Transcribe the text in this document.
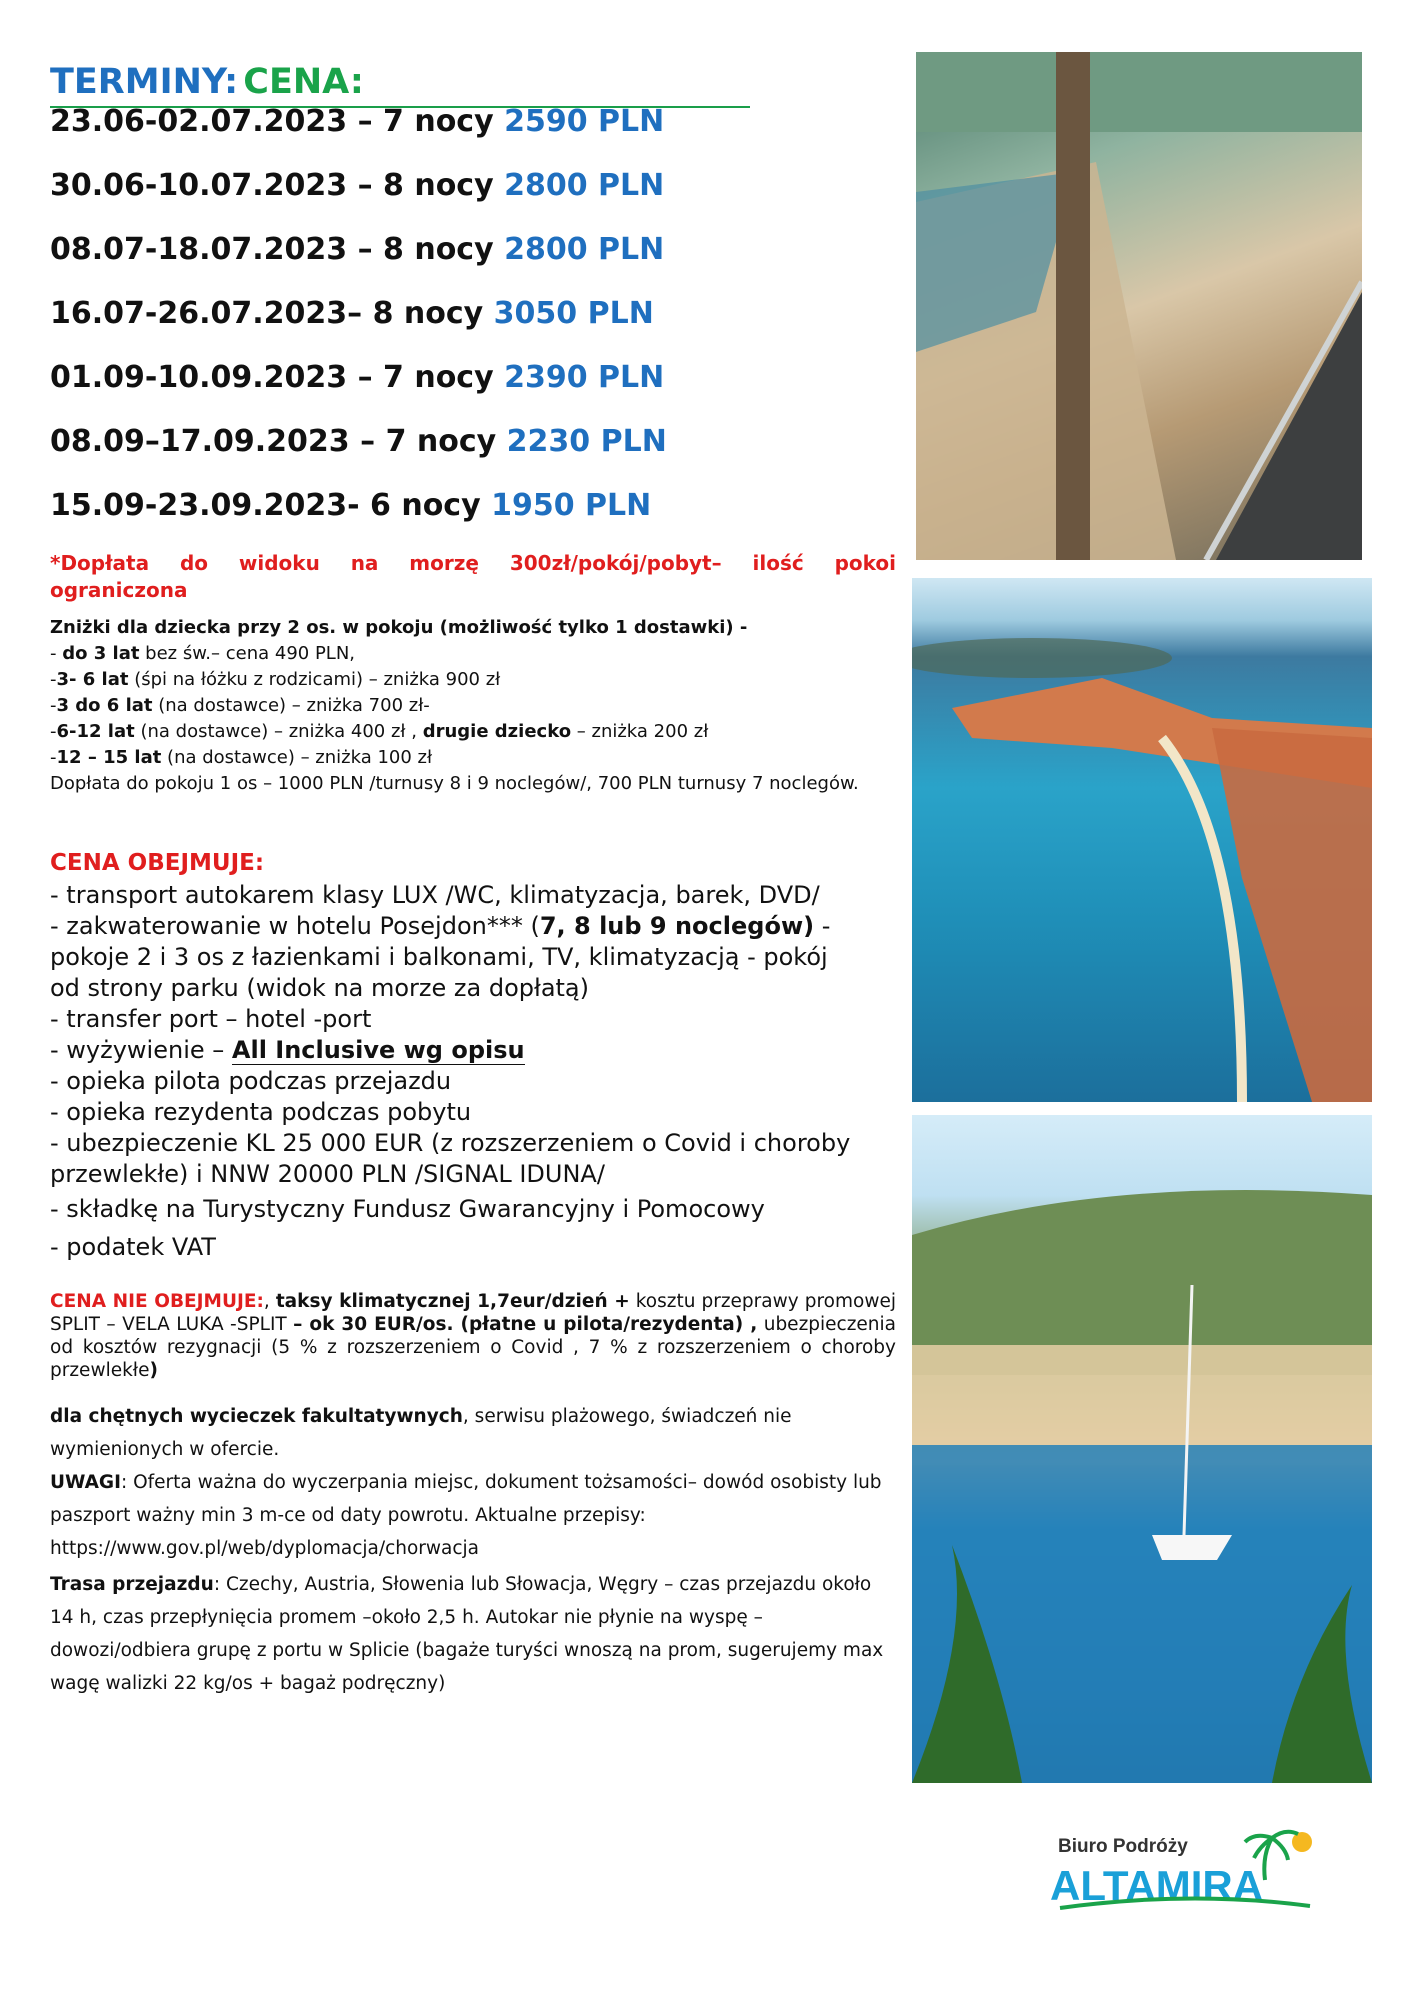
TERMINY: CENA:
23.06-02.07.2023 – 7 nocy 2590 PLN
30.06-10.07.2023 – 8 nocy 2800 PLN
08.07-18.07.2023 – 8 nocy 2800 PLN
16.07-26.07.2023– 8 nocy 3050 PLN
01.09-10.09.2023 – 7 nocy 2390 PLN
08.09–17.09.2023 – 7 nocy 2230 PLN
15.09-23.09.2023- 6 nocy 1950 PLN
*Dopłata do widoku na morzę 300zł/pokój/pobyt– ilość pokoi ograniczona
Zniżki dla dziecka przy 2 os. w pokoju (możliwość tylko 1 dostawki) -
- do 3 lat bez św.– cena 490 PLN,
-3- 6 lat (śpi na łóżku z rodzicami) – zniżka 900 zł
-3 do 6 lat (na dostawce) – zniżka 700 zł-
-6-12 lat (na dostawce) – zniżka 400 zł , drugie dziecko – zniżka 200 zł
-12 – 15 lat (na dostawce) – zniżka 100 zł
Dopłata do pokoju 1 os – 1000 PLN /turnusy 8 i 9 noclegów/, 700 PLN turnusy 7 noclegów.
CENA OBEJMUJE:
- transport autokarem klasy LUX /WC, klimatyzacja, barek, DVD/
- zakwaterowanie w hotelu Posejdon*** (7, 8 lub 9 noclegów) -
pokoje 2 i 3 os z łazienkami i balkonami, TV, klimatyzacją - pokój
od strony parku (widok na morze za dopłatą)
- transfer port – hotel -port
- wyżywienie – All Inclusive wg opisu
- opieka pilota podczas przejazdu
- opieka rezydenta podczas pobytu
- ubezpieczenie KL 25 000 EUR (z rozszerzeniem o Covid i choroby przewlekłe) i NNW 20000 PLN /SIGNAL IDUNA/
- składkę na Turystyczny Fundusz Gwarancyjny i Pomocowy
- podatek VAT
CENA NIE OBEJMUJE:, taksy klimatycznej 1,7eur/dzień + kosztu przeprawy promowej SPLIT – VELA LUKA -SPLIT – ok 30 EUR/os. (płatne u pilota/rezydenta) , ubezpieczenia od kosztów rezygnacji (5 % z rozszerzeniem o Covid , 7 % z rozszerzeniem o choroby przewlekłe)
dla chętnych wycieczek fakultatywnych, serwisu plażowego, świadczeń nie wymienionych w ofercie.
UWAGI: Oferta ważna do wyczerpania miejsc, dokument tożsamości– dowód osobisty lub paszport ważny min 3 m-ce od daty powrotu. Aktualne przepisy: https://www.gov.pl/web/dyplomacja/chorwacja
Trasa przejazdu: Czechy, Austria, Słowenia lub Słowacja, Węgry – czas przejazdu około 14 h, czas przepłynięcia promem –około 2,5 h. Autokar nie płynie na wyspę – dowozi/odbiera grupę z portu w Splicie (bagaże turyści wnoszą na prom, sugerujemy max wagę walizki 22 kg/os + bagaż podręczny)
Biuro Podróży
ALTAMIRA
